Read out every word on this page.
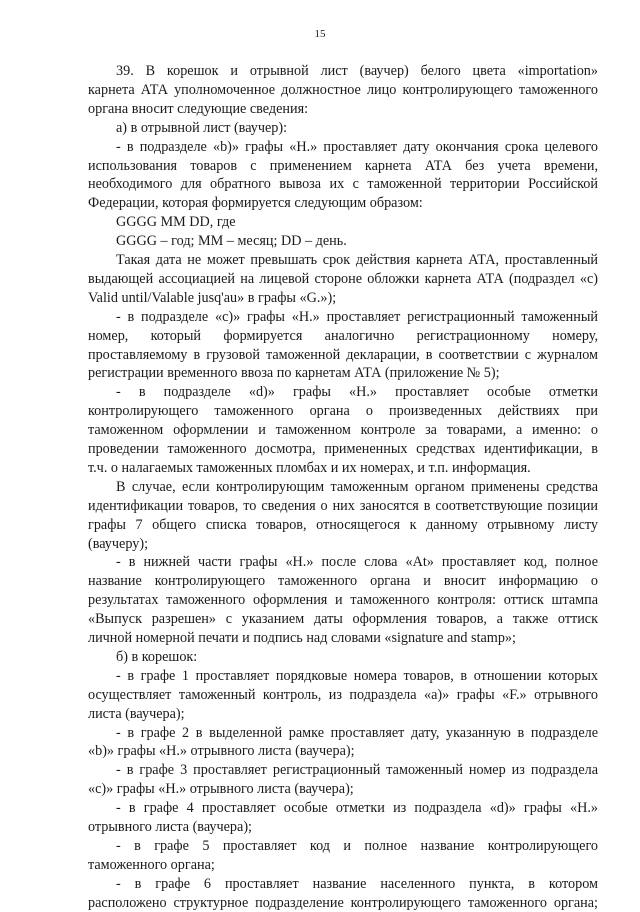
15
39. В корешок и отрывной лист (ваучер) белого цвета «importation»
карнета АТА уполномоченное должностное лицо контролирующего таможенного
органа вносит следующие сведения:
а) в отрывной лист (ваучер):
- в подразделе «b)» графы «H.» проставляет дату окончания срока целевого
использования товаров с применением карнета АТА без учета времени,
необходимого для обратного вывоза их с таможенной территории Российской
Федерации, которая формируется следующим образом:
GGGG MM DD, где
GGGG – год; MM – месяц; DD – день.
Такая дата не может превышать срок действия карнета АТА, проставленный
выдающей ассоциацией на лицевой стороне обложки карнета АТА (подраздел «c)
Valid until/Valable jusq'au» в графы «G.»);
- в подразделе «c)» графы «H.» проставляет регистрационный таможенный
номер, который формируется аналогично регистрационному номеру,
проставляемому в грузовой таможенной декларации, в соответствии с журналом
регистрации временного ввоза по карнетам АТА (приложение № 5);
- в подразделе «d)» графы «H.» проставляет особые отметки
контролирующего таможенного органа о произведенных действиях при
таможенном оформлении и таможенном контроле за товарами, а именно: о
проведении таможенного досмотра, примененных средствах идентификации, в
т.ч. о налагаемых таможенных пломбах и их номерах, и т.п. информация.
В случае, если контролирующим таможенным органом применены средства
идентификации товаров, то сведения о них заносятся в соответствующие позиции
графы 7 общего списка товаров, относящегося к данному отрывному листу
(ваучеру);
- в нижней части графы «H.» после слова «At» проставляет код, полное
название контролирующего таможенного органа и вносит информацию о
результатах таможенного оформления и таможенного контроля: оттиск штампа
«Выпуск разрешен» с указанием даты оформления товаров, а также оттиск
личной номерной печати и подпись над словами «signature and stamp»;
б) в корешок:
- в графе 1 проставляет порядковые номера товаров, в отношении которых
осуществляет таможенный контроль, из подраздела «a)» графы «F.» отрывного
листа (ваучера);
- в графе 2 в выделенной рамке проставляет дату, указанную в подразделе
«b)» графы «H.» отрывного листа (ваучера);
- в графе 3 проставляет регистрационный таможенный номер из подраздела
«c)» графы «H.» отрывного листа (ваучера);
- в графе 4 проставляет особые отметки из подраздела «d)» графы «H.»
отрывного листа (ваучера);
- в графе 5 проставляет код и полное название контролирующего
таможенного органа;
- в графе 6 проставляет название населенного пункта, в котором
расположено структурное подразделение контролирующего таможенного органа;
